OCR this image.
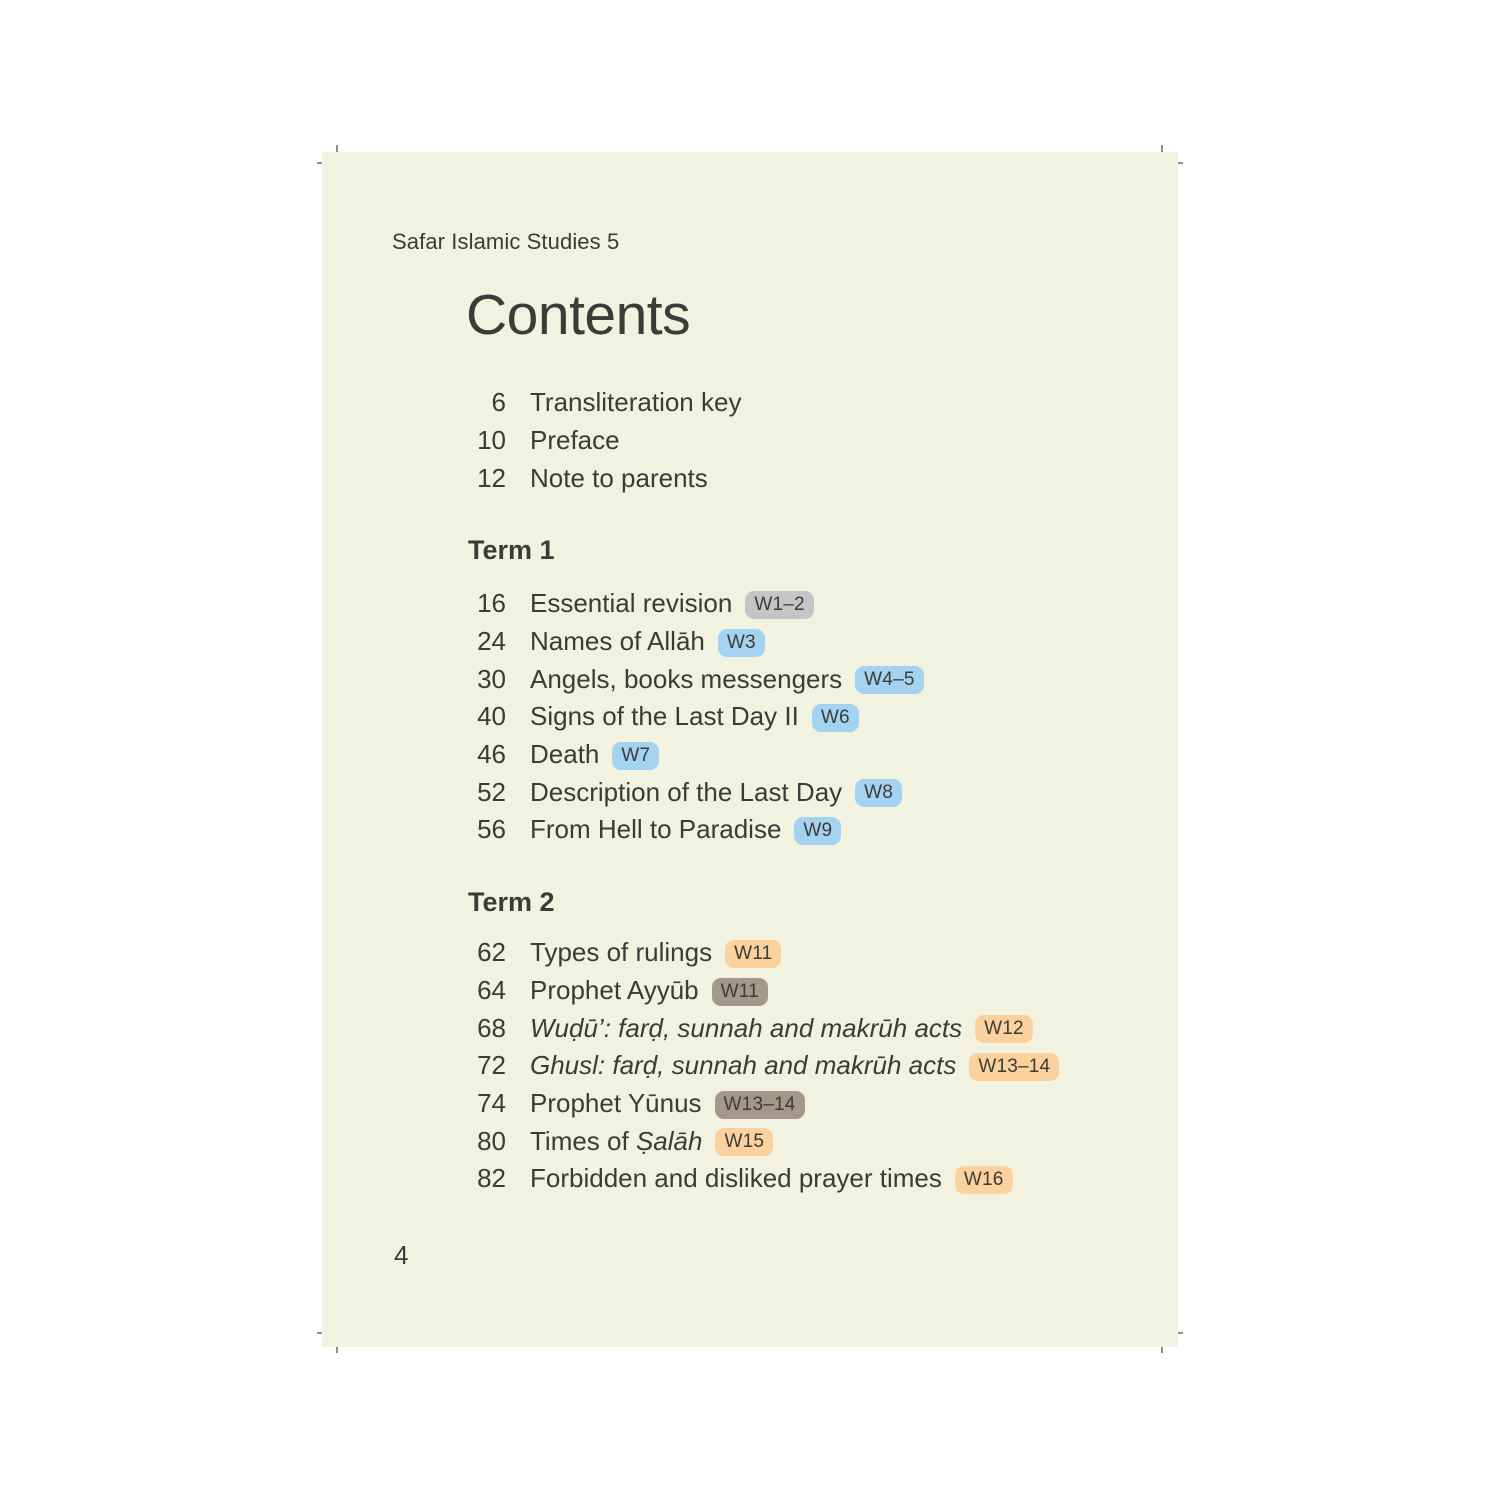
Safar Islamic Studies 5
Contents
6 Transliteration key
10 Preface
12 Note to parents
Term 1
16 Essential revision	W1–2
24 Names of Allāh	W3
30 Angels, books messengers	W4–5
40 Signs of the Last Day II	W6
46 Death	W7
52 Description of the Last Day	W8
56 From Hell to Paradise	W9
Term 2
62 Types of rulings	W11
64 Prophet Ayyūb	W11
68 Wuḍū’: farḍ, sunnah and makrūh acts	W12
72 Ghusl: farḍ, sunnah and makrūh acts	W13–14
74 Prophet Yūnus	W13–14
80 Times of Ṣalāh	W15
82 Forbidden and disliked prayer times	W16
4
